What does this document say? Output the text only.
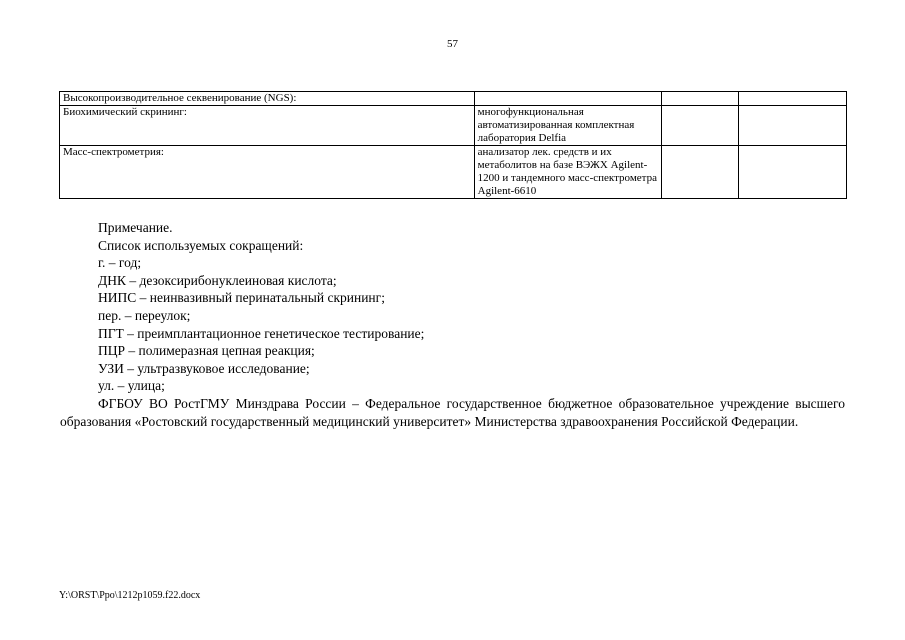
57
Высокопроизводительное секвенирование (NGS):			
Биохимический скрининг:	многофункциональная автоматизированная комплектная лаборатория Delfia		
Масс-спектрометрия:	анализатор лек. средств и их метаболитов на базе ВЭЖХ Agilent-1200 и тандемного масс-спектрометра Agilent-6610		
Примечание.
Список используемых сокращений:
г. – год;
ДНК – дезоксирибонуклеиновая кислота;
НИПС – неинвазивный перинатальный скрининг;
пер. – переулок;
ПГТ – преимплантационное генетическое тестирование;
ПЦР – полимеразная цепная реакция;
УЗИ – ультразвуковое исследование;
ул. – улица;
ФГБОУ ВО РостГМУ Минздрава России – Федеральное государственное бюджетное образовательное учреждение высшего образования «Ростовский государственный медицинский университет» Министерства здравоохранения Российской Федерации.
Y:\ORST\Ppo\1212p1059.f22.docx
